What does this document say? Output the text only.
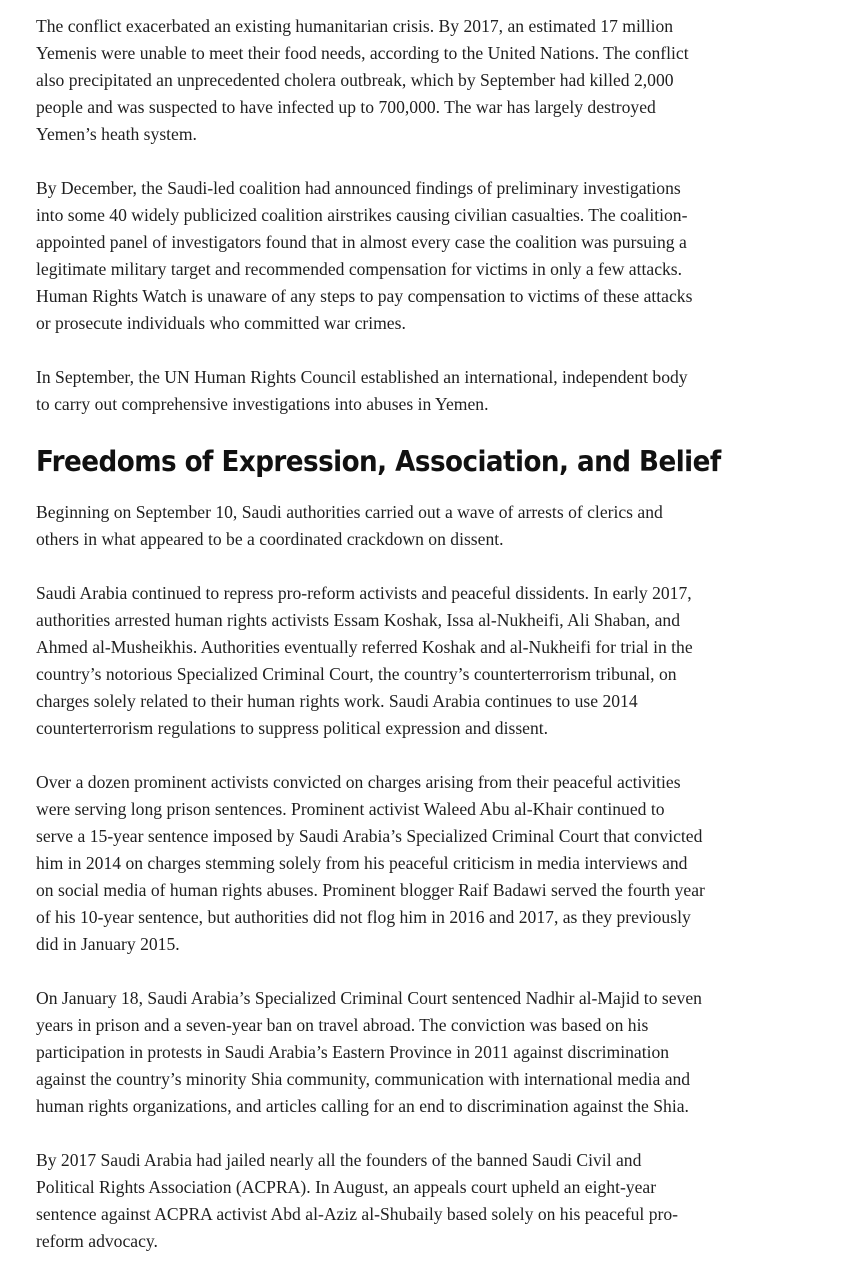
The conflict exacerbated an existing humanitarian crisis. By 2017, an estimated 17 million
Yemenis were unable to meet their food needs, according to the United Nations. The conflict
also precipitated an unprecedented cholera outbreak, which by September had killed 2,000
people and was suspected to have infected up to 700,000. The war has largely destroyed
Yemen’s heath system.

By December, the Saudi-led coalition had announced findings of preliminary investigations
into some 40 widely publicized coalition airstrikes causing civilian casualties. The coalition-
appointed panel of investigators found that in almost every case the coalition was pursuing a
legitimate military target and recommended compensation for victims in only a few attacks.
Human Rights Watch is unaware of any steps to pay compensation to victims of these attacks
or prosecute individuals who committed war crimes.

In September, the UN Human Rights Council established an international, independent body
to carry out comprehensive investigations into abuses in Yemen.

Freedoms of Expression, Association, and Belief

Beginning on September 10, Saudi authorities carried out a wave of arrests of clerics and
others in what appeared to be a coordinated crackdown on dissent.

Saudi Arabia continued to repress pro-reform activists and peaceful dissidents. In early 2017,
authorities arrested human rights activists Essam Koshak, Issa al-Nukheifi, Ali Shaban, and
Ahmed al-Musheikhis. Authorities eventually referred Koshak and al-Nukheifi for trial in the
country’s notorious Specialized Criminal Court, the country’s counterterrorism tribunal, on
charges solely related to their human rights work. Saudi Arabia continues to use 2014
counterterrorism regulations to suppress political expression and dissent.

Over a dozen prominent activists convicted on charges arising from their peaceful activities
were serving long prison sentences. Prominent activist Waleed Abu al-Khair continued to
serve a 15-year sentence imposed by Saudi Arabia’s Specialized Criminal Court that convicted
him in 2014 on charges stemming solely from his peaceful criticism in media interviews and
on social media of human rights abuses. Prominent blogger Raif Badawi served the fourth year
of his 10-year sentence, but authorities did not flog him in 2016 and 2017, as they previously
did in January 2015.

On January 18, Saudi Arabia’s Specialized Criminal Court sentenced Nadhir al-Majid to seven
years in prison and a seven-year ban on travel abroad. The conviction was based on his
participation in protests in Saudi Arabia’s Eastern Province in 2011 against discrimination
against the country’s minority Shia community, communication with international media and
human rights organizations, and articles calling for an end to discrimination against the Shia.

By 2017 Saudi Arabia had jailed nearly all the founders of the banned Saudi Civil and
Political Rights Association (ACPRA). In August, an appeals court upheld an eight-year
sentence against ACPRA activist Abd al-Aziz al-Shubaily based solely on his peaceful pro-
reform advocacy.
